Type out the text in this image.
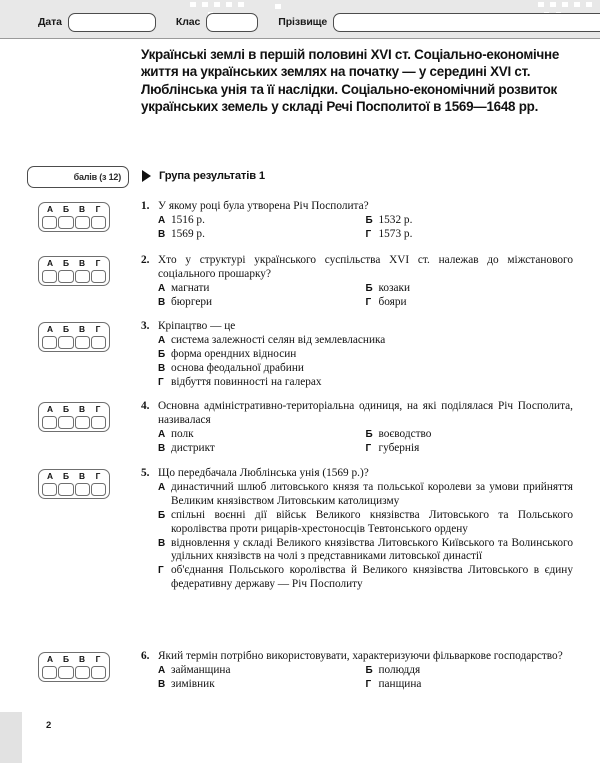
Дата	Клас	Прізвище
Українські землі в першій половині XVI ст. Соціально-економічне життя на українських землях на початку — у середині XVI ст. Люблінська унія та її наслідки. Соціально-економічний розвиток українських земель у складі Речі Посполитої в 1569—1648 рр.
балів (з 12)	Група результатів 1
А	Б	В	Г
А	Б	В	Г
А	Б	В	Г
А	Б	В	Г
А	Б	В	Г
А	Б	В	Г
1. У якому році була утворена Річ Посполита?
А 1516 р.	Б 1532 р.
В 1569 р.	Г 1573 р.
2. Хто у структурі українського суспільства XVI ст. належав до міжстанового соціального прошарку?
А магнати	Б козаки
В бюргери	Г бояри
3. Кріпацтво — це
А система залежності селян від землевласника
Б форма орендних відносин
В основа феодальної драбини
Г відбуття повинності на галерах
4. Основна адміністративно-територіальна одиниця, на які поділялася Річ Посполита, називалася
А полк	Б воєводство
В дистрикт	Г губернія
5. Що передбачала Люблінська унія (1569 р.)?
А династичний шлюб литовського князя та польської королеви за умови прийняття Великим князівством Литовським католицизму
Б спільні воєнні дії військ Великого князівства Литовського та Польського королівства проти рицарів-хрестоносців Тевтонського ордену
В відновлення у складі Великого князівства Литовського Київського та Волинського удільних князівств на чолі з представниками литовської династії
Г об'єднання Польського королівства й Великого князівства Литовського в єдину федеративну державу — Річ Посполиту
6. Який термін потрібно використовувати, характеризуючи фільваркове господарство?
А займанщина	Б полюддя
В зимівник	Г панщина
2
